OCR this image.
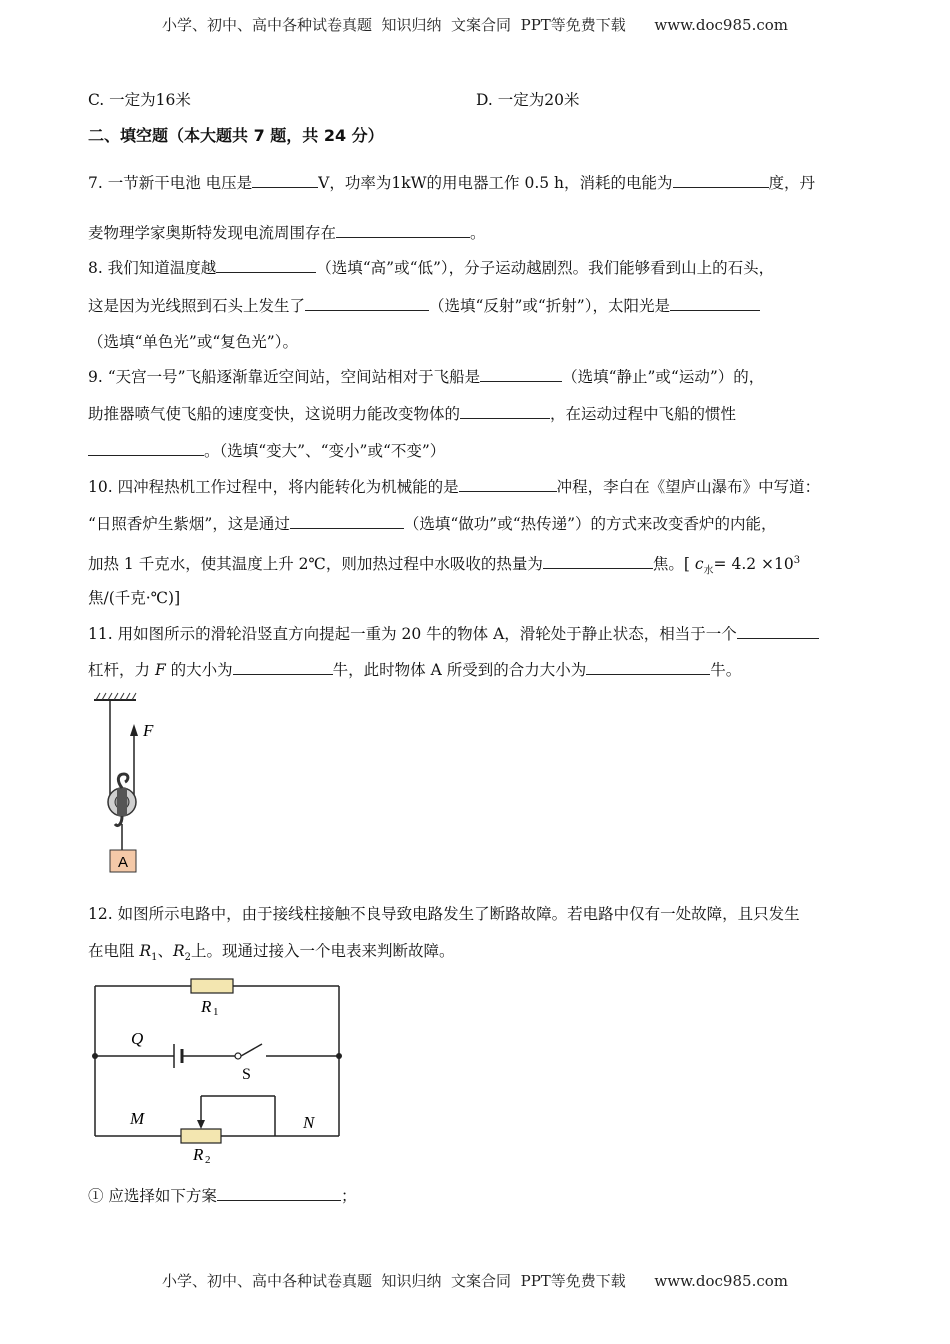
小学、初中、高中各种试卷真题  知识归纳  文案合同  PPT等免费下载      www.doc985.com
C. 一定为16米	D. 一定为20米
二、填空题（本大题共 7 题，共 24 分）
7. 一节新干电池 电压是	V，功率为1kW的用电器工作 0.5 h，消耗的电能为	度，丹
麦物理学家奥斯特发现电流周围存在	。
8. 我们知道温度越	（选填“高”或“低”），分子运动越剧烈。我们能够看到山上的石头，
这是因为光线照到石头上发生了	（选填“反射”或“折射”），太阳光是
（选填“单色光”或“复色光”）。
9. “天宫一号”飞船逐渐靠近空间站，空间站相对于飞船是	（选填“静止”或“运动”）的，
助推器喷气使飞船的速度变快，这说明力能改变物体的	，在运动过程中飞船的惯性
。（选填“变大”、“变小”或“不变”）
10. 四冲程热机工作过程中，将内能转化为机械能的是	冲程，李白在《望庐山瀑布》中写道：
“日照香炉生紫烟”，这是通过	（选填“做功”或“热传递”）的方式来改变香炉的内能，
加热 1 千克水，使其温度上升 2℃，则加热过程中水吸收的热量为	焦。[ $c_水= 4.2 \times 10^3$
焦/(千克·℃)]
11. 用如图所示的滑轮沿竖直方向提起一重为 20 牛的物体 A，滑轮处于静止状态，相当于一个
杠杆，力 F 的大小为	牛，此时物体 A 所受到的合力大小为	牛。
F
A
12. 如图所示电路中，由于接线柱接触不良导致电路发生了断路故障。若电路中仅有一处故障，且只发生
在电阻 $R_1$、$R_2$上。现通过接入一个电表来判断故障。
R
R
Q
M	N
1
2
S
① 应选择如下方案	；
小学、初中、高中各种试卷真题  知识归纳  文案合同  PPT等免费下载      www.doc985.com
